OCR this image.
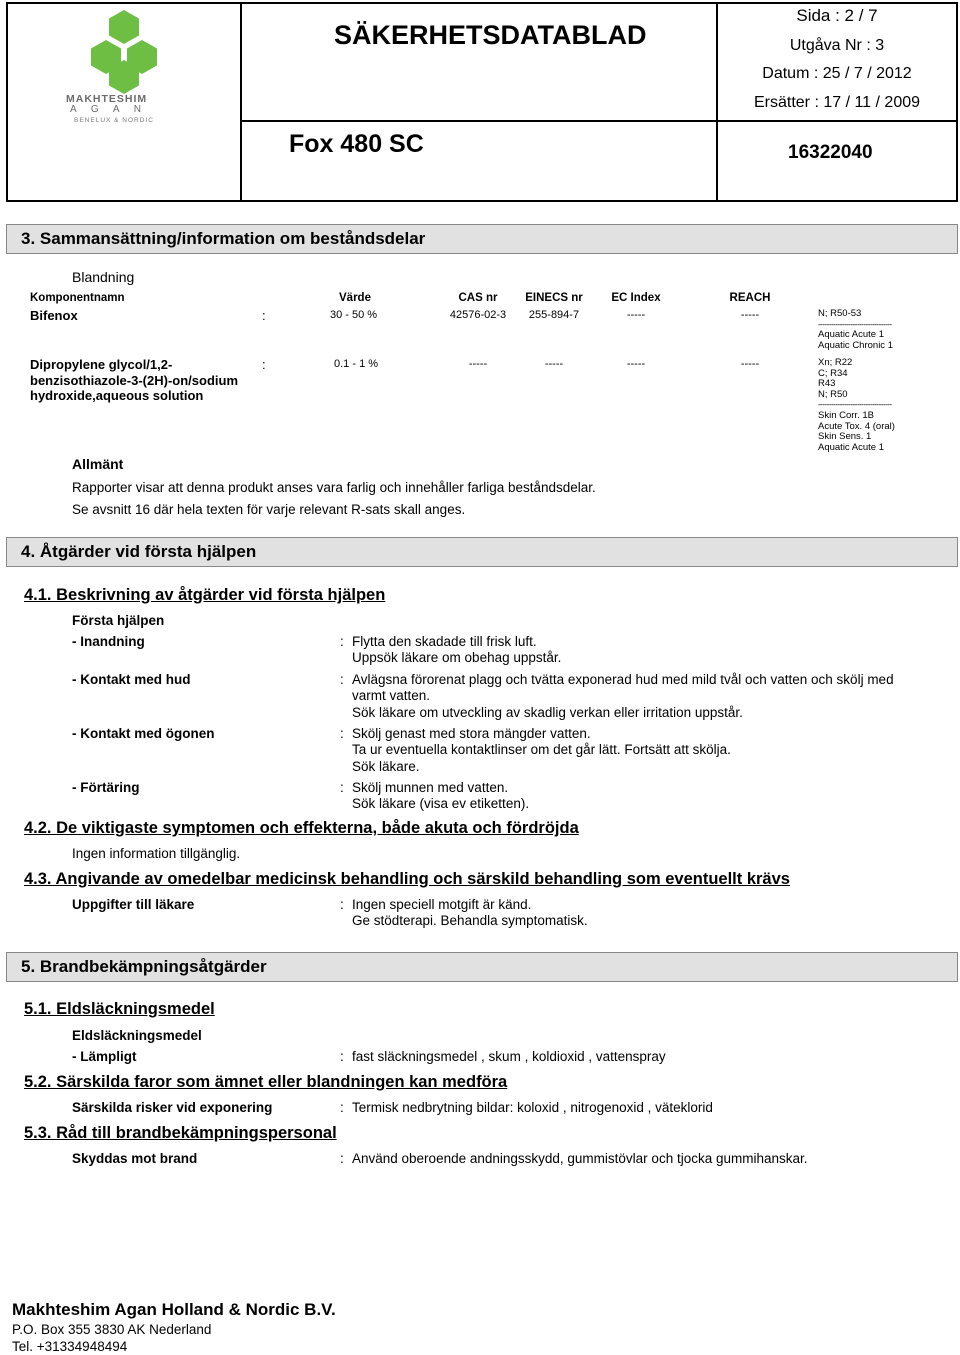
MAKHTESHIM
A G A N
BENELUX & NORDIC
SÄKERHETSDATABLAD
Fox 480 SC
Sida : 2 / 7
Utgåva Nr : 3
Datum : 25 / 7 / 2012
Ersätter : 17 / 11 / 2009
16322040
3. Sammansättning/information om beståndsdelar
Blandning
Komponentnamn	Värde	CAS nr	EINECS nr	EC Index	REACH
Bifenox	:	30 - 50 %	42576-02-3	255-894-7	-----	-----	N; R50-53
----------------------------------
Aquatic Acute 1
Aquatic Chronic 1
Dipropylene glycol/1,2-
benzisothiazole-3-(2H)-on/sodium
hydroxide,aqueous solution
:	0.1 - 1 %	-----	-----	-----	-----	Xn; R22
C; R34
R43
N; R50
----------------------------------
Skin Corr. 1B
Acute Tox. 4 (oral)
Skin Sens. 1
Aquatic Acute 1
Allmänt
Rapporter visar att denna produkt anses vara farlig och innehåller farliga beståndsdelar.
Se avsnitt 16 där hela texten för varje relevant R-sats skall anges.
4. Åtgärder vid första hjälpen
4.1. Beskrivning av åtgärder vid första hjälpen
Första hjälpen
- Inandning	: Flytta den skadade till frisk luft.
Uppsök läkare om obehag uppstår.
- Kontakt med hud	: Avlägsna förorenat plagg och tvätta exponerad hud med mild tvål och vatten och skölj med
varmt vatten.
Sök läkare om utveckling av skadlig verkan eller irritation uppstår.
- Kontakt med ögonen	: Skölj genast med stora mängder vatten.
Ta ur eventuella kontaktlinser om det går lätt. Fortsätt att skölja.
Sök läkare.
- Förtäring	: Skölj munnen med vatten.
Sök läkare (visa ev etiketten).
4.2. De viktigaste symptomen och effekterna, både akuta och fördröjda
Ingen information tillgänglig.
4.3. Angivande av omedelbar medicinsk behandling och särskild behandling som eventuellt krävs
Uppgifter till läkare	: Ingen speciell motgift är känd.
Ge stödterapi. Behandla symptomatisk.
5. Brandbekämpningsåtgärder
5.1. Eldsläckningsmedel
Eldsläckningsmedel
- Lämpligt	: fast släckningsmedel , skum , koldioxid , vattenspray
5.2. Särskilda faror som ämnet eller blandningen kan medföra
Särskilda risker vid exponering	: Termisk nedbrytning bildar: koloxid , nitrogenoxid , väteklorid
5.3. Råd till brandbekämpningspersonal
Skyddas mot brand	: Använd oberoende andningsskydd, gummistövlar och tjocka gummihanskar.
Makhteshim Agan Holland & Nordic B.V.
P.O. Box 355 3830 AK Nederland
Tel. +31334948494
